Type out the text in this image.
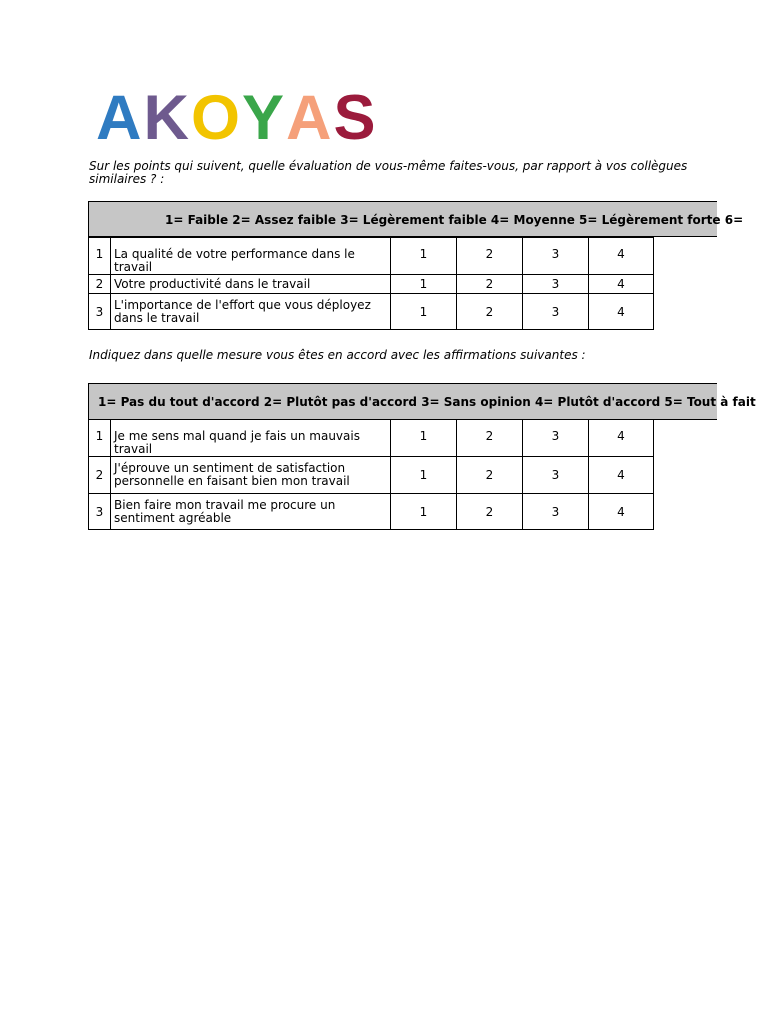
A K O Y A S
Sur les points qui suivent, quelle évaluation de vous-même faites-vous, par rapport à vos collègues similaires ? :
1= Faible 2= Assez faible 3= Légèrement faible 4= Moyenne 5= Légèrement forte 6=
1	La qualité de votre performance dans le travail	1	2	3	4
2	Votre productivité dans le travail	1	2	3	4
3	L'importance de l'effort que vous déployez dans le travail	1	2	3	4
Indiquez dans quelle mesure vous êtes en accord avec les affirmations suivantes :
1= Pas du tout d'accord 2= Plutôt pas d'accord 3= Sans opinion 4= Plutôt d'accord 5= Tout à fait
1	Je me sens mal quand je fais un mauvais travail	1	2	3	4
2	J'éprouve un sentiment de satisfaction personnelle en faisant bien mon travail	1	2	3	4
3	Bien faire mon travail me procure un sentiment agréable	1	2	3	4
